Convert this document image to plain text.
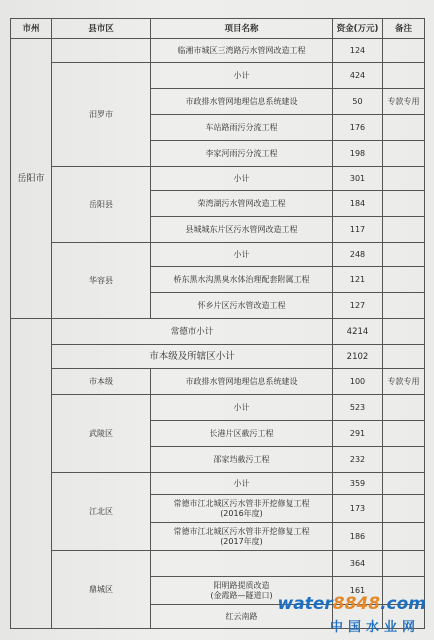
市州	县市区	项目名称	资金(万元)	备注
岳阳市		临湘市城区三湾路污水管网改造工程	124	
	汨罗市	小计	424	
		市政排水管网地理信息系统建设	50	专款专用
		车站路雨污分流工程	176	
		李家河雨污分流工程	198	
	岳阳县	小计	301	
		荣湾湖污水管网改造工程	184	
		县城城东片区污水管网改造工程	117	
	华容县	小计	248	
		桥东黑水沟黑臭水体治理配套附属工程	121	
		怀乡片区污水管改造工程	127	
	常德市小计		4214	
	市本级及所辖区小计		2102	
	市本级	市政排水管网地理信息系统建设	100	专款专用
	武陵区	小计	523	
		长港片区截污工程	291	
		邵家垱截污工程	232	
	江北区	小计	359	

		常德市江北城区污水管非开挖修复工程
(2016年度)	173	

		常德市江北城区污水管非开挖修复工程
(2017年度)	186	
	鼎城区		364	

		阳明路提质改造
(金霞路—隧道口)	161	
		红云南路		
water8848.com
中国水业网
